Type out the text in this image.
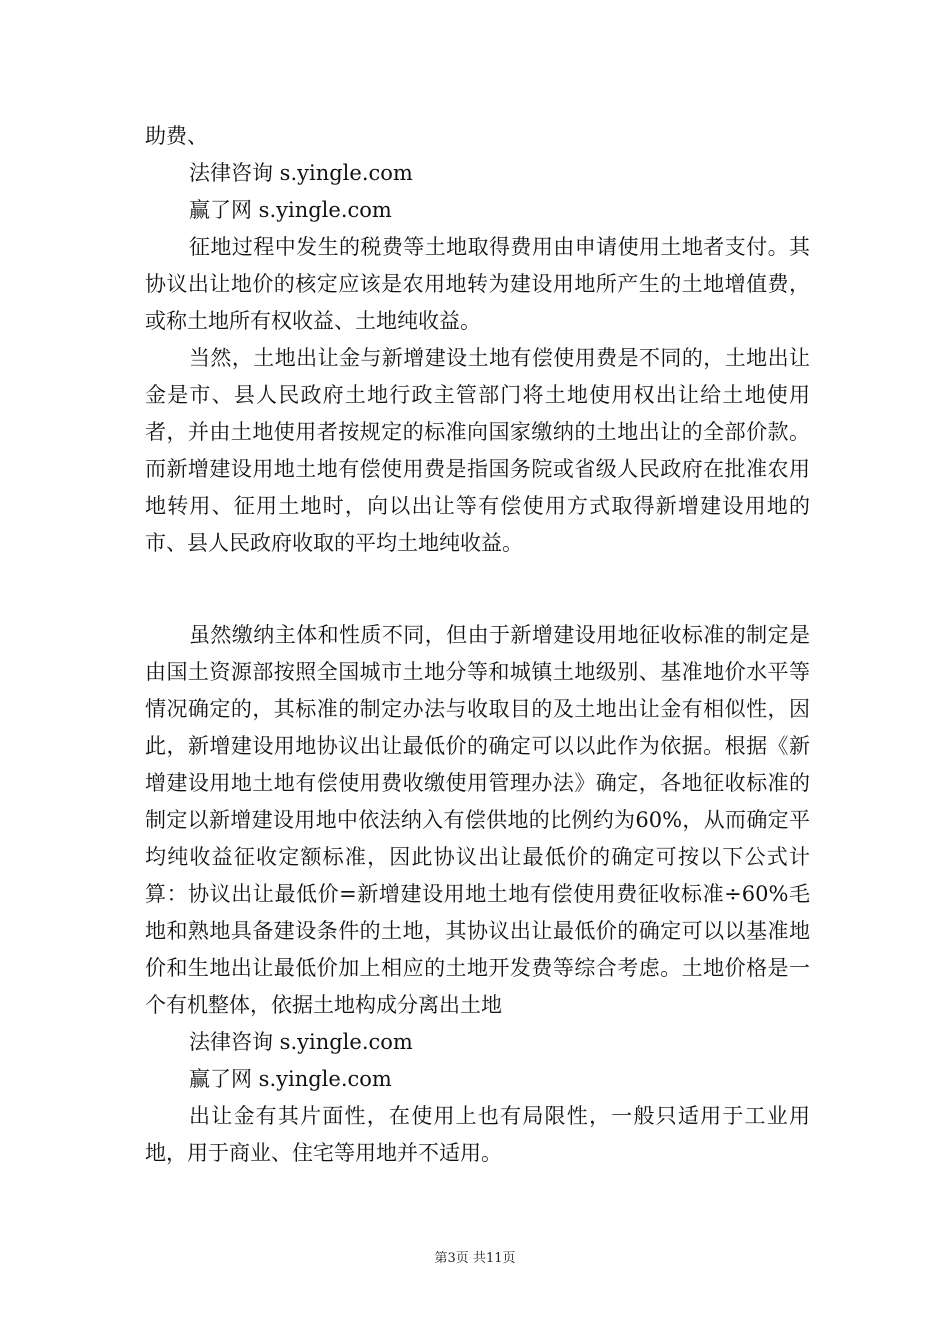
助费、

法律咨询 s.yingle.com

赢了网 s.yingle.com

征地过程中发生的税费等土地取得费用由申请使用土地者支付。其协议出让地价的核定应该是农用地转为建设用地所产生的土地增值费，或称土地所有权收益、土地纯收益。

当然，土地出让金与新增建设土地有偿使用费是不同的，土地出让金是市、县人民政府土地行政主管部门将土地使用权出让给土地使用者，并由土地使用者按规定的标准向国家缴纳的土地出让的全部价款。而新增建设用地土地有偿使用费是指国务院或省级人民政府在批准农用地转用、征用土地时，向以出让等有偿使用方式取得新增建设用地的市、县人民政府收取的平均土地纯收益。

虽然缴纳主体和性质不同，但由于新增建设用地征收标准的制定是由国土资源部按照全国城市土地分等和城镇土地级别、基准地价水平等情况确定的，其标准的制定办法与收取目的及土地出让金有相似性，因此，新增建设用地协议出让最低价的确定可以以此作为依据。根据《新增建设用地土地有偿使用费收缴使用管理办法》确定，各地征收标准的制定以新增建设用地中依法纳入有偿供地的比例约为60%，从而确定平均纯收益征收定额标准，因此协议出让最低价的确定可按以下公式计算：协议出让最低价=新增建设用地土地有偿使用费征收标准÷60%毛地和熟地具备建设条件的土地，其协议出让最低价的确定可以以基准地价和生地出让最低价加上相应的土地开发费等综合考虑。土地价格是一个有机整体，依据土地构成分离出土地

法律咨询 s.yingle.com

赢了网 s.yingle.com

出让金有其片面性，在使用上也有局限性，一般只适用于工业用地，用于商业、住宅等用地并不适用。

第3页 共11页
